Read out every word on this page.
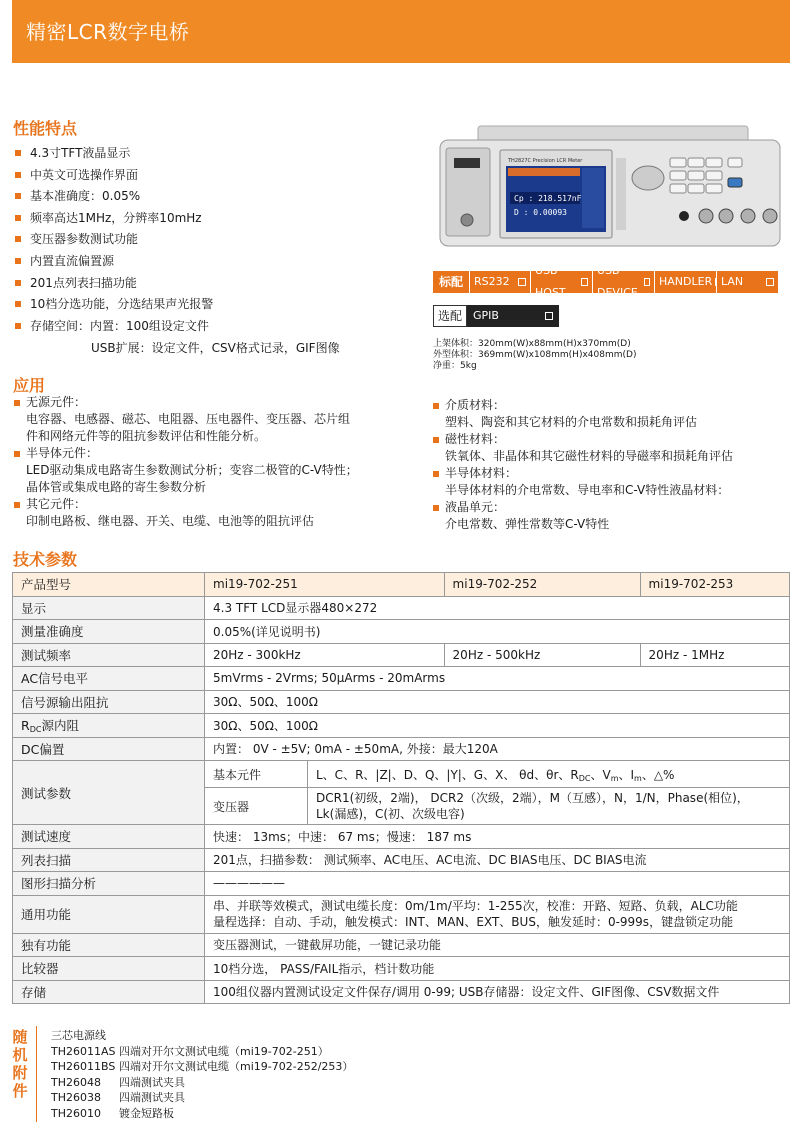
精密LCR数字电桥
性能特点
4.3寸TFT液晶显示
中英文可选操作界面
基本准确度：0.05%
频率高达1MHz，分辨率10mHz
变压器参数测试功能
内置直流偏置源
201点列表扫描功能
10档分选功能，分选结果声光报警
存储空间：内置：100组设定文件
USB扩展：设定文件，CSV格式记录，GIF图像
TH2827C Precision LCR Meter
Cp : 218.517nF
D : 0.00093
标配	RS232
USB HOST
USB DEVICE
HANDLER LAN
选配	GPIB
上架体积：320mm(W)x88mm(H)x370mm(D)
外型体积：369mm(W)x108mm(H)x408mm(D)
净重：5kg
应用
无源元件：
电容器、电感器、磁芯、电阻器、压电器件、变压器、芯片组
件和网络元件等的阻抗参数评估和性能分析。
半导体元件：
LED驱动集成电路寄生参数测试分析；变容二极管的C-V特性；
晶体管或集成电路的寄生参数分析
其它元件：
印制电路板、继电器、开关、电缆、电池等的阻抗评估
介质材料：
塑料、陶瓷和其它材料的介电常数和损耗角评估
磁性材料：
铁氧体、非晶体和其它磁性材料的导磁率和损耗角评估
半导体材料：
半导体材料的介电常数、导电率和C-V特性液晶材料：
液晶单元：
介电常数、弹性常数等C-V特性
技术参数
产品型号	mi19-702-251		mi19-702-252	mi19-702-253
显示	4.3 TFT LCD显示器480×272			
测量准确度	0.05%(详见说明书)			
测试频率	20Hz - 300kHz		20Hz - 500kHz	20Hz - 1MHz
AC信号电平	5mVrms - 2Vrms; 50μArms - 20mArms			
信号源输出阻抗	30Ω、50Ω、100Ω			
$R_{DC}$源内阻	30Ω、50Ω、100Ω			
DC偏置	内置： 0V - ±5V; 0mA - ±50mA, 外接：最大120A			
测试参数	基本元件	L、C、R、|Z|、D、Q、|Y|、G、X、 θd、θr、$R_{DC}$、$V_m$、$I_m$、△%		
	变压器	DCR1(初级，2端)， DCR2（次级，2端），M（互感），N，1/N，Phase(相位)，
Lk(漏感)，C(初、次级电容)		

测试速度	快速： 13ms；中速： 67 ms；慢速： 187 ms			
列表扫描	201点，扫描参数： 测试频率、AC电压、AC电流、DC BIAS电压、DC BIAS电流			
图形扫描分析	——————			
通用功能	串、并联等效模式，测试电缆长度：0m/1m/平均：1-255次，校准：开路、短路、负载，ALC功能
量程选择：自动、手动，触发模式：INT、MAN、EXT、BUS，触发延时：0-999s，键盘锁定功能			

独有功能	变压器测试，一键截屏功能，一键记录功能			
比较器	10档分选， PASS/FAIL指示，档计数功能			
存储	100组仪器内置测试设定文件保存/调用 0-99; USB存储器：设定文件、GIF图像、CSV数据文件			
随
机
附
件
三芯电源线
TH26011AS 四端对开尔文测试电缆（mi19-702-251）
TH26011BS 四端对开尔文测试电缆（mi19-702-252/253）
TH26048	四端测试夹具
TH26038	四端测试夹具
TH26010	镀金短路板
